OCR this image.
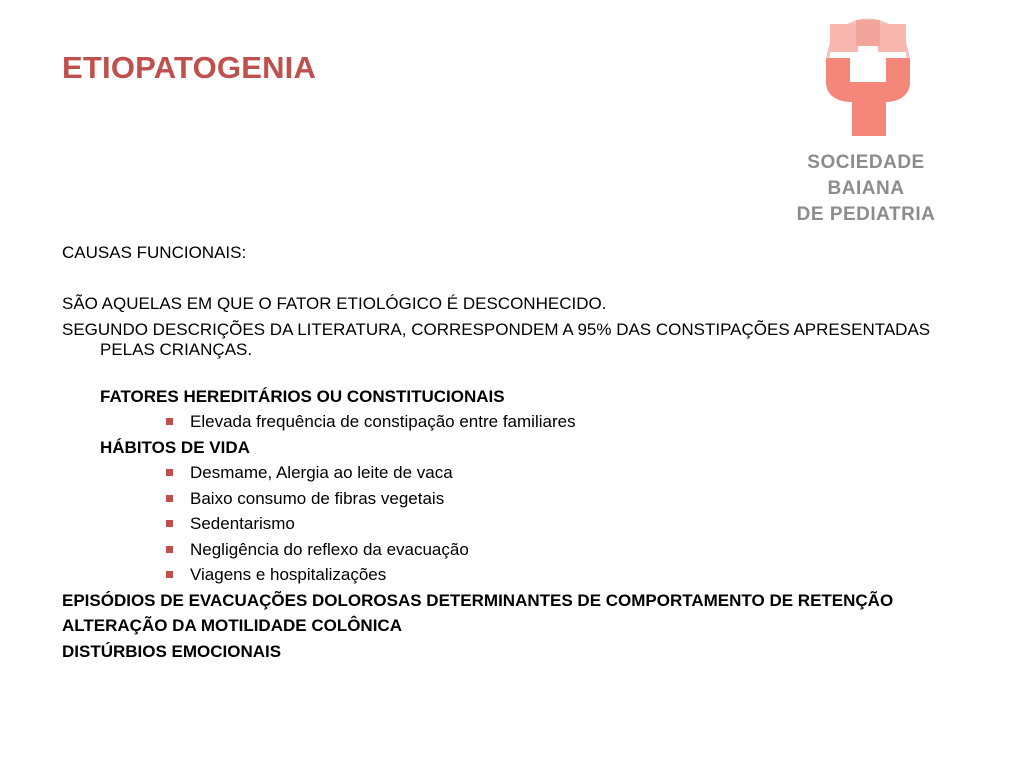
ETIOPATOGENIA
SOCIEDADE
BAIANA
DE PEDIATRIA

CAUSAS FUNCIONAIS:

SÃO AQUELAS EM QUE O FATOR ETIOLÓGICO É DESCONHECIDO.

SEGUNDO DESCRIÇÕES DA LITERATURA, CORRESPONDEM A 95% DAS CONSTIPAÇÕES APRESENTADAS PELAS CRIANÇAS.

FATORES HEREDITÁRIOS OU CONSTITUCIONAIS

Elevada frequência de constipação entre familiares

HÁBITOS DE VIDA

Desmame, Alergia ao leite de vaca
Baixo consumo de fibras vegetais
Sedentarismo
Negligência do reflexo da evacuação
Viagens e hospitalizações

EPISÓDIOS DE EVACUAÇÕES DOLOROSAS DETERMINANTES DE COMPORTAMENTO DE RETENÇÃO

ALTERAÇÃO DA MOTILIDADE COLÔNICA

DISTÚRBIOS EMOCIONAIS
